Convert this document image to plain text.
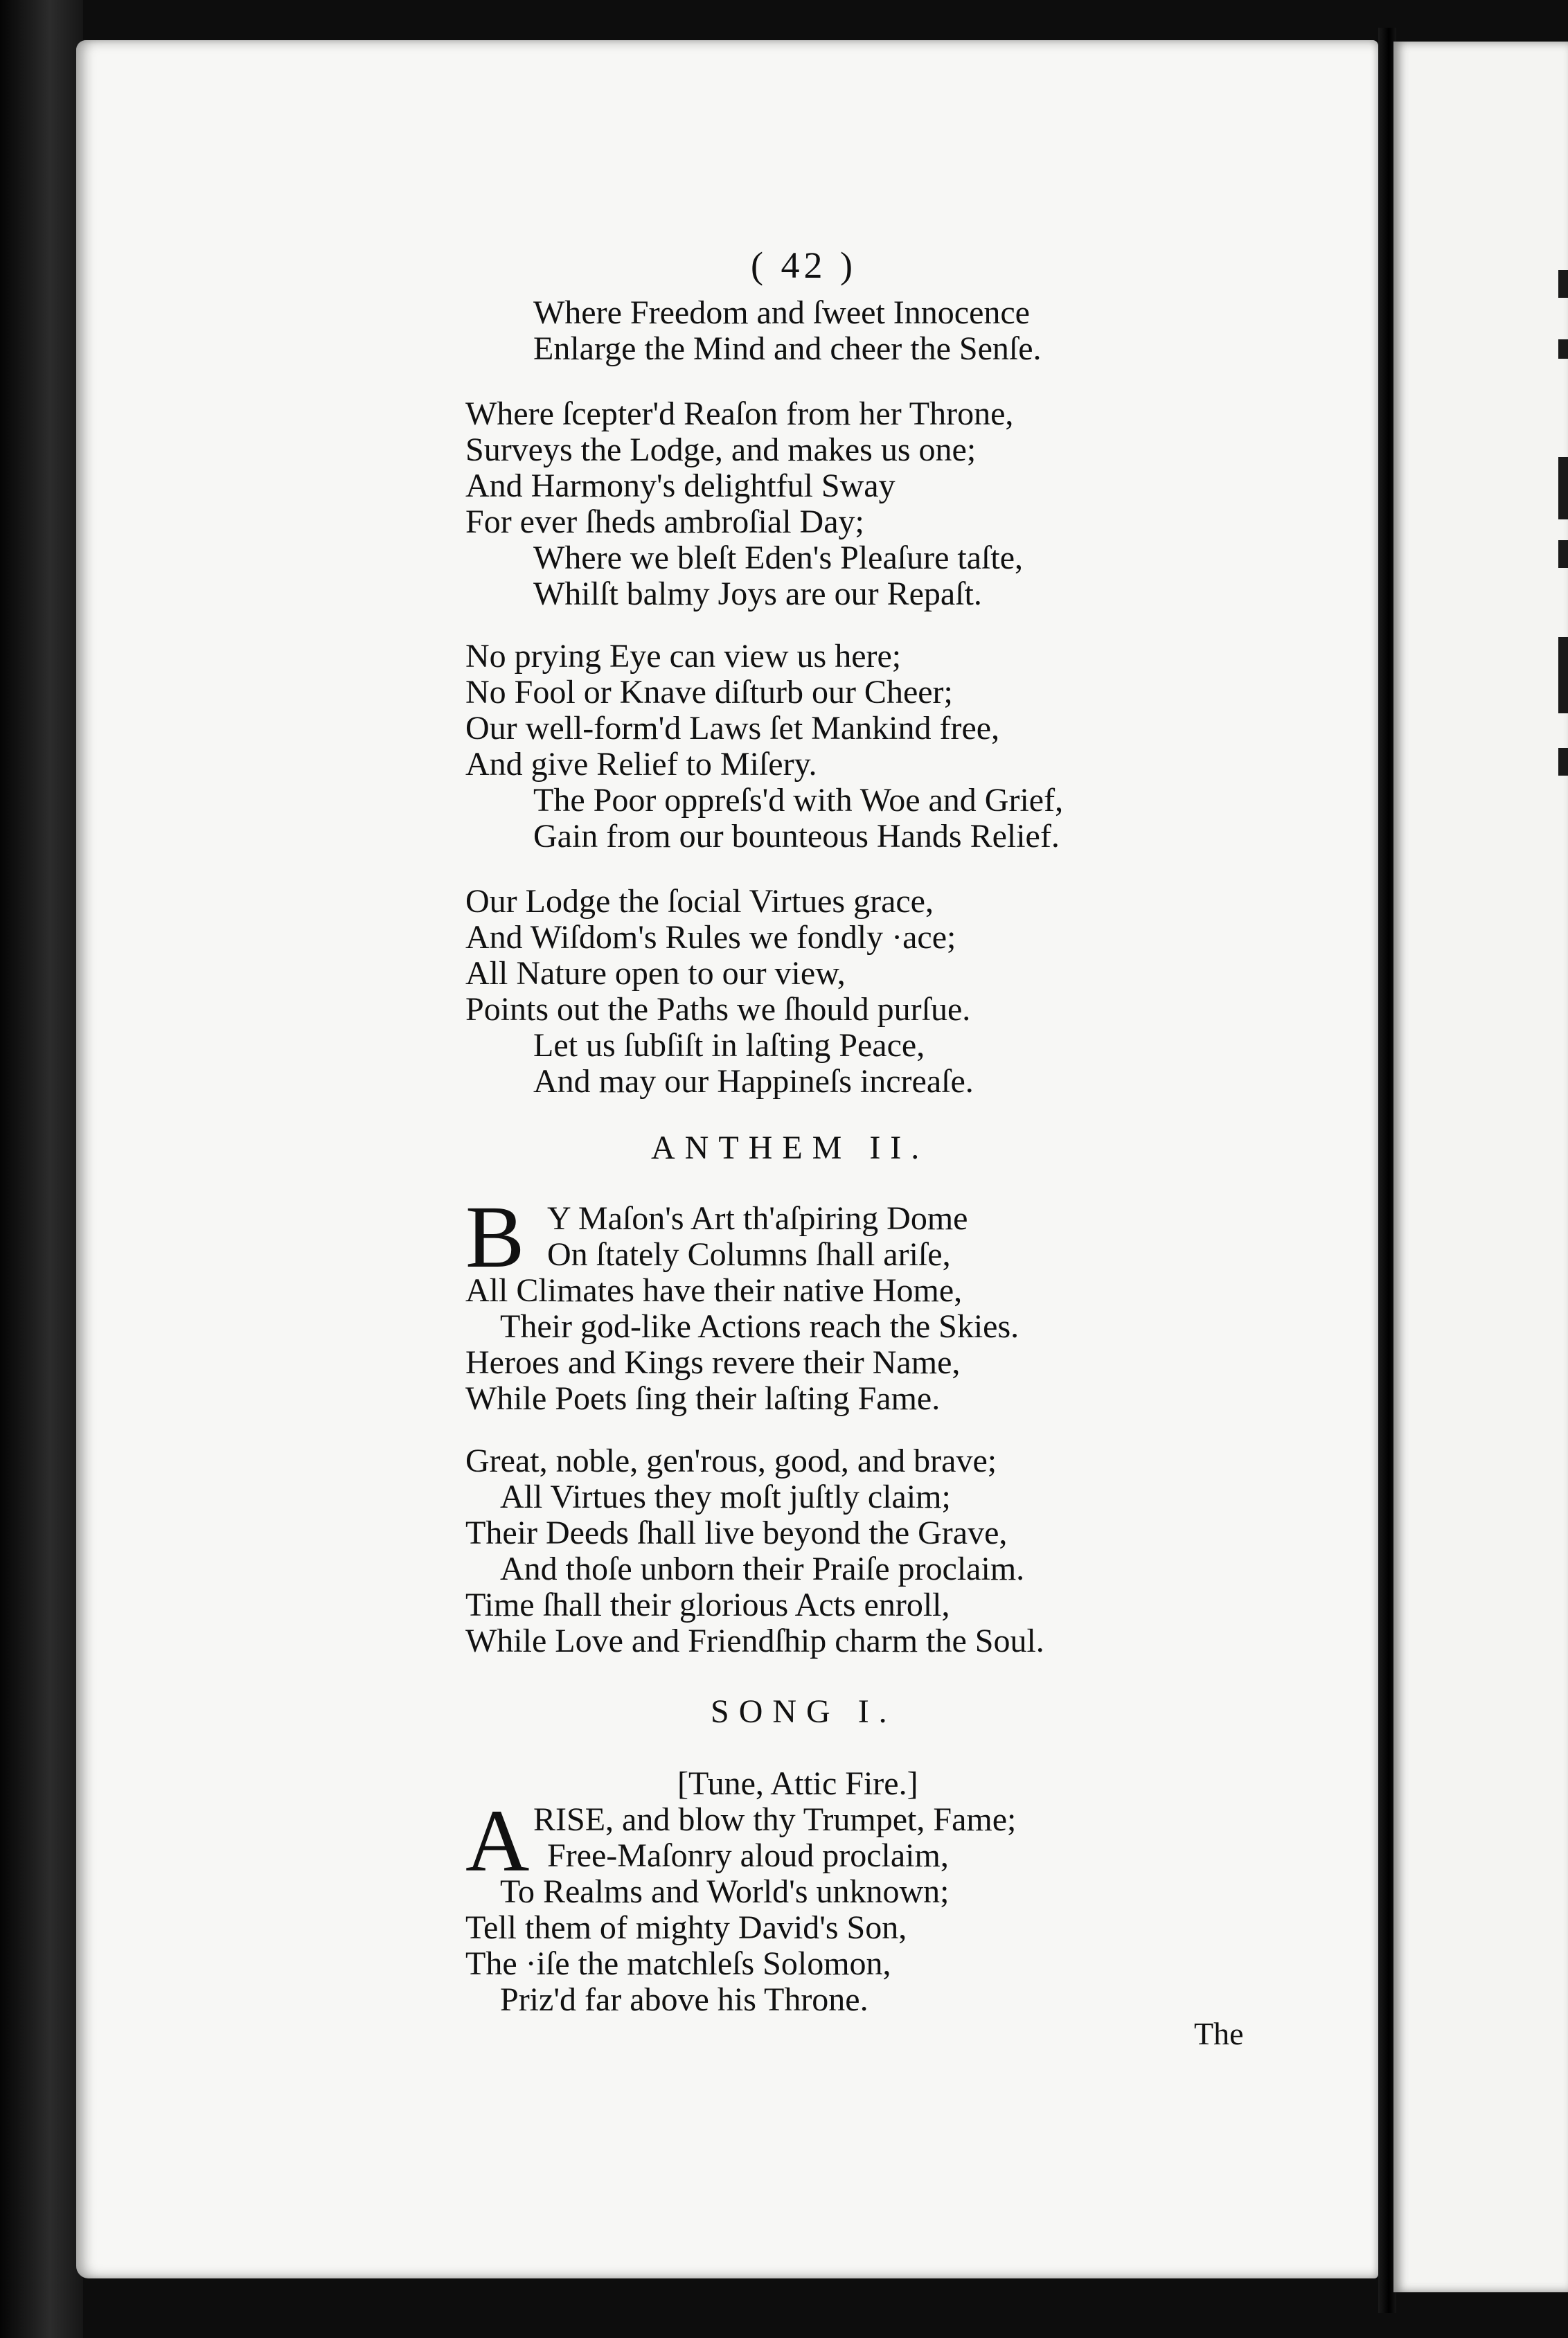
( 42 )
Where Freedom and ſweet Innocence
Enlarge the Mind and cheer the Senſe.
Where ſcepter'd Reaſon from her Throne,
Surveys the Lodge, and makes us one;
And Harmony's delightful Sway
For ever ſheds ambroſial Day;
Where we bleſt Eden's Pleaſure taſte,
Whilſt balmy Joys are our Repaſt.
No prying Eye can view us here;
No Fool or Knave diſturb our Cheer;
Our well-form'd Laws ſet Mankind free,
And give Relief to Miſery.
The Poor oppreſs'd with Woe and Grief,
Gain from our bounteous Hands Relief.
Our Lodge the ſocial Virtues grace,
And Wiſdom's Rules we fondly ·ace;
All Nature open to our view,
Points out the Paths we ſhould purſue.
Let us ſubſiſt in laſting Peace,
And may our Happineſs increaſe.
ANTHEM II.
B Y Maſon's Art th'aſpiring Dome
On ſtately Columns ſhall ariſe,
All Climates have their native Home,
Their god-like Actions reach the Skies.
Heroes and Kings revere their Name,
While Poets ſing their laſting Fame.
Great, noble, gen'rous, good, and brave;
All Virtues they moſt juſtly claim;
Their Deeds ſhall live beyond the Grave,
And thoſe unborn their Praiſe proclaim.
Time ſhall their glorious Acts enroll,
While Love and Friendſhip charm the Soul.
SONG I.
[Tune, Attic Fire.]
A RISE, and blow thy Trumpet, Fame;
Free-Maſonry aloud proclaim,
To Realms and World's unknown;
Tell them of mighty David's Son,
The ·iſe the matchleſs Solomon,
Priz'd far above his Throne.
The
